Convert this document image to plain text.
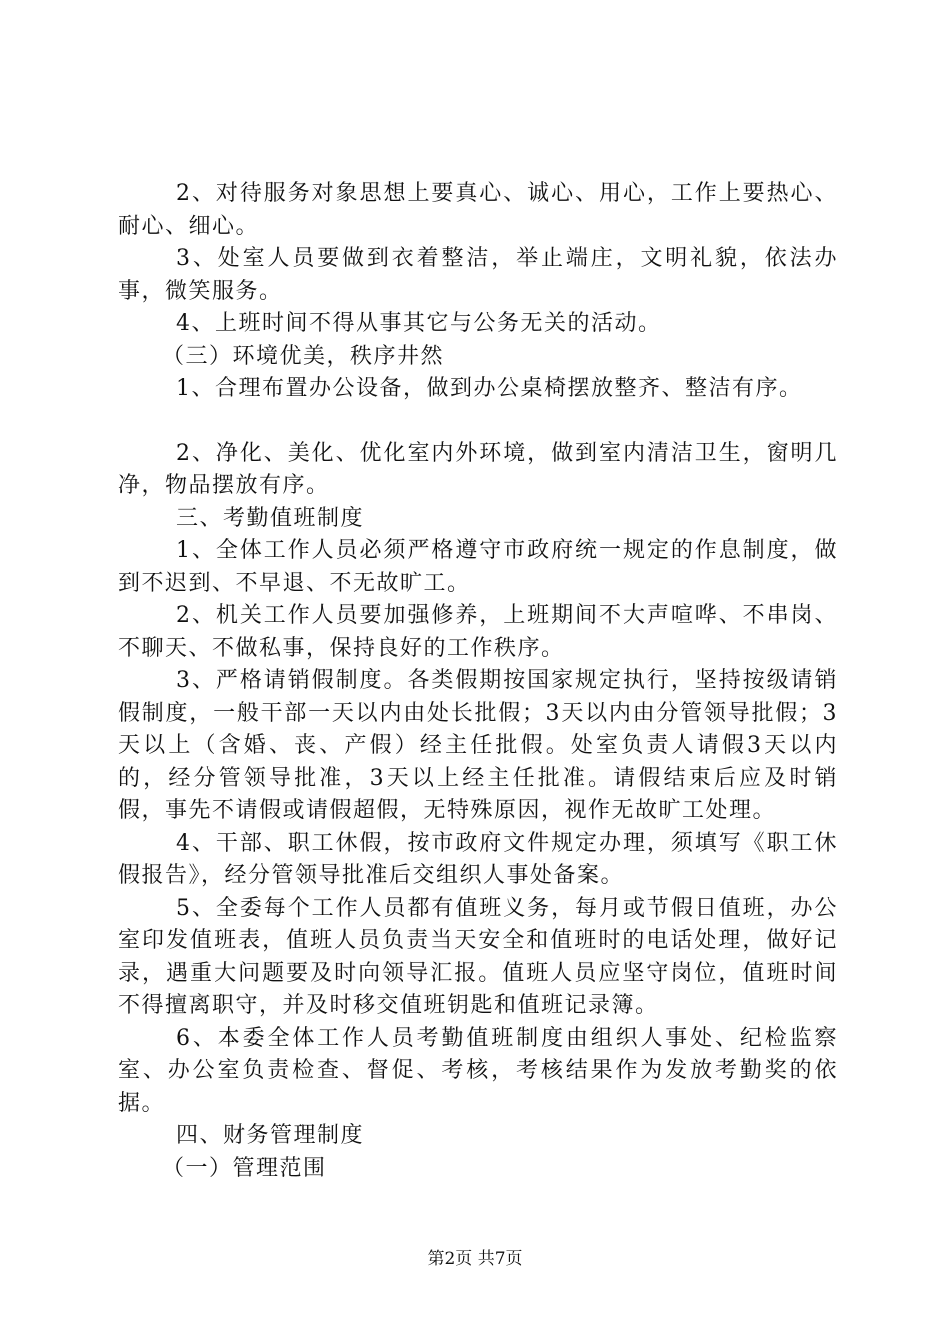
2、对待服务对象思想上要真心、诚心、用心，工作上要热心、耐心、细心。

3、处室人员要做到衣着整洁，举止端庄，文明礼貌，依法办事，微笑服务。

4、上班时间不得从事其它与公务无关的活动。

（三）环境优美，秩序井然

1、合理布置办公设备，做到办公桌椅摆放整齐、整洁有序。

2、净化、美化、优化室内外环境，做到室内清洁卫生，窗明几净，物品摆放有序。

三、考勤值班制度

1、全体工作人员必须严格遵守市政府统一规定的作息制度，做到不迟到、不早退、不无故旷工。

2、机关工作人员要加强修养，上班期间不大声喧哗、不串岗、不聊天、不做私事，保持良好的工作秩序。

3、严格请销假制度。各类假期按国家规定执行，坚持按级请销假制度，一般干部一天以内由处长批假；3天以内由分管领导批假；3天以上（含婚、丧、产假）经主任批假。处室负责人请假3天以内的，经分管领导批准，3天以上经主任批准。请假结束后应及时销假，事先不请假或请假超假，无特殊原因，视作无故旷工处理。

4、干部、职工休假，按市政府文件规定办理，须填写《职工休假报告》，经分管领导批准后交组织人事处备案。

5、全委每个工作人员都有值班义务，每月或节假日值班，办公室印发值班表，值班人员负责当天安全和值班时的电话处理，做好记录，遇重大问题要及时向领导汇报。值班人员应坚守岗位，值班时间不得擅离职守，并及时移交值班钥匙和值班记录簿。

6、本委全体工作人员考勤值班制度由组织人事处、纪检监察室、办公室负责检查、督促、考核，考核结果作为发放考勤奖的依据。

四、财务管理制度

（一）管理范围

第2页 共7页
